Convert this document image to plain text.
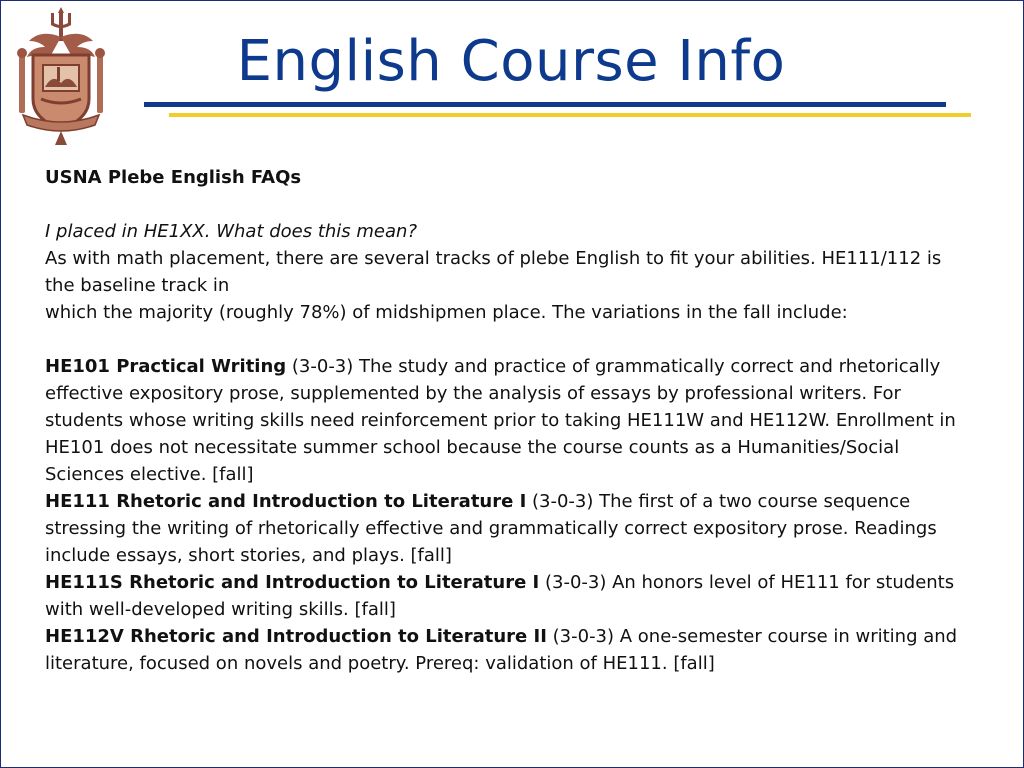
English Course Info

USNA Plebe English FAQs

I placed in HE1XX. What does this mean?

As with math placement, there are several tracks of plebe English to fit your abilities. HE111/112 is the baseline track in

which the majority (roughly 78%) of midshipmen place. The variations in the fall include:

HE101 Practical Writing (3-0-3) The study and practice of grammatically correct and rhetorically effective expository prose, supplemented by the analysis of essays by professional writers. For students whose writing skills need reinforcement prior to taking HE111W and HE112W. Enrollment in HE101 does not necessitate summer school because the course counts as a Humanities/Social Sciences elective. [fall]

HE111 Rhetoric and Introduction to Literature I (3-0-3) The first of a two course sequence stressing the writing of rhetorically effective and grammatically correct expository prose. Readings include essays, short stories, and plays. [fall]

HE111S Rhetoric and Introduction to Literature I (3-0-3) An honors level of HE111 for students with well-developed writing skills. [fall]

HE112V Rhetoric and Introduction to Literature II (3-0-3) A one-semester course in writing and literature, focused on novels and poetry. Prereq: validation of HE111. [fall]
